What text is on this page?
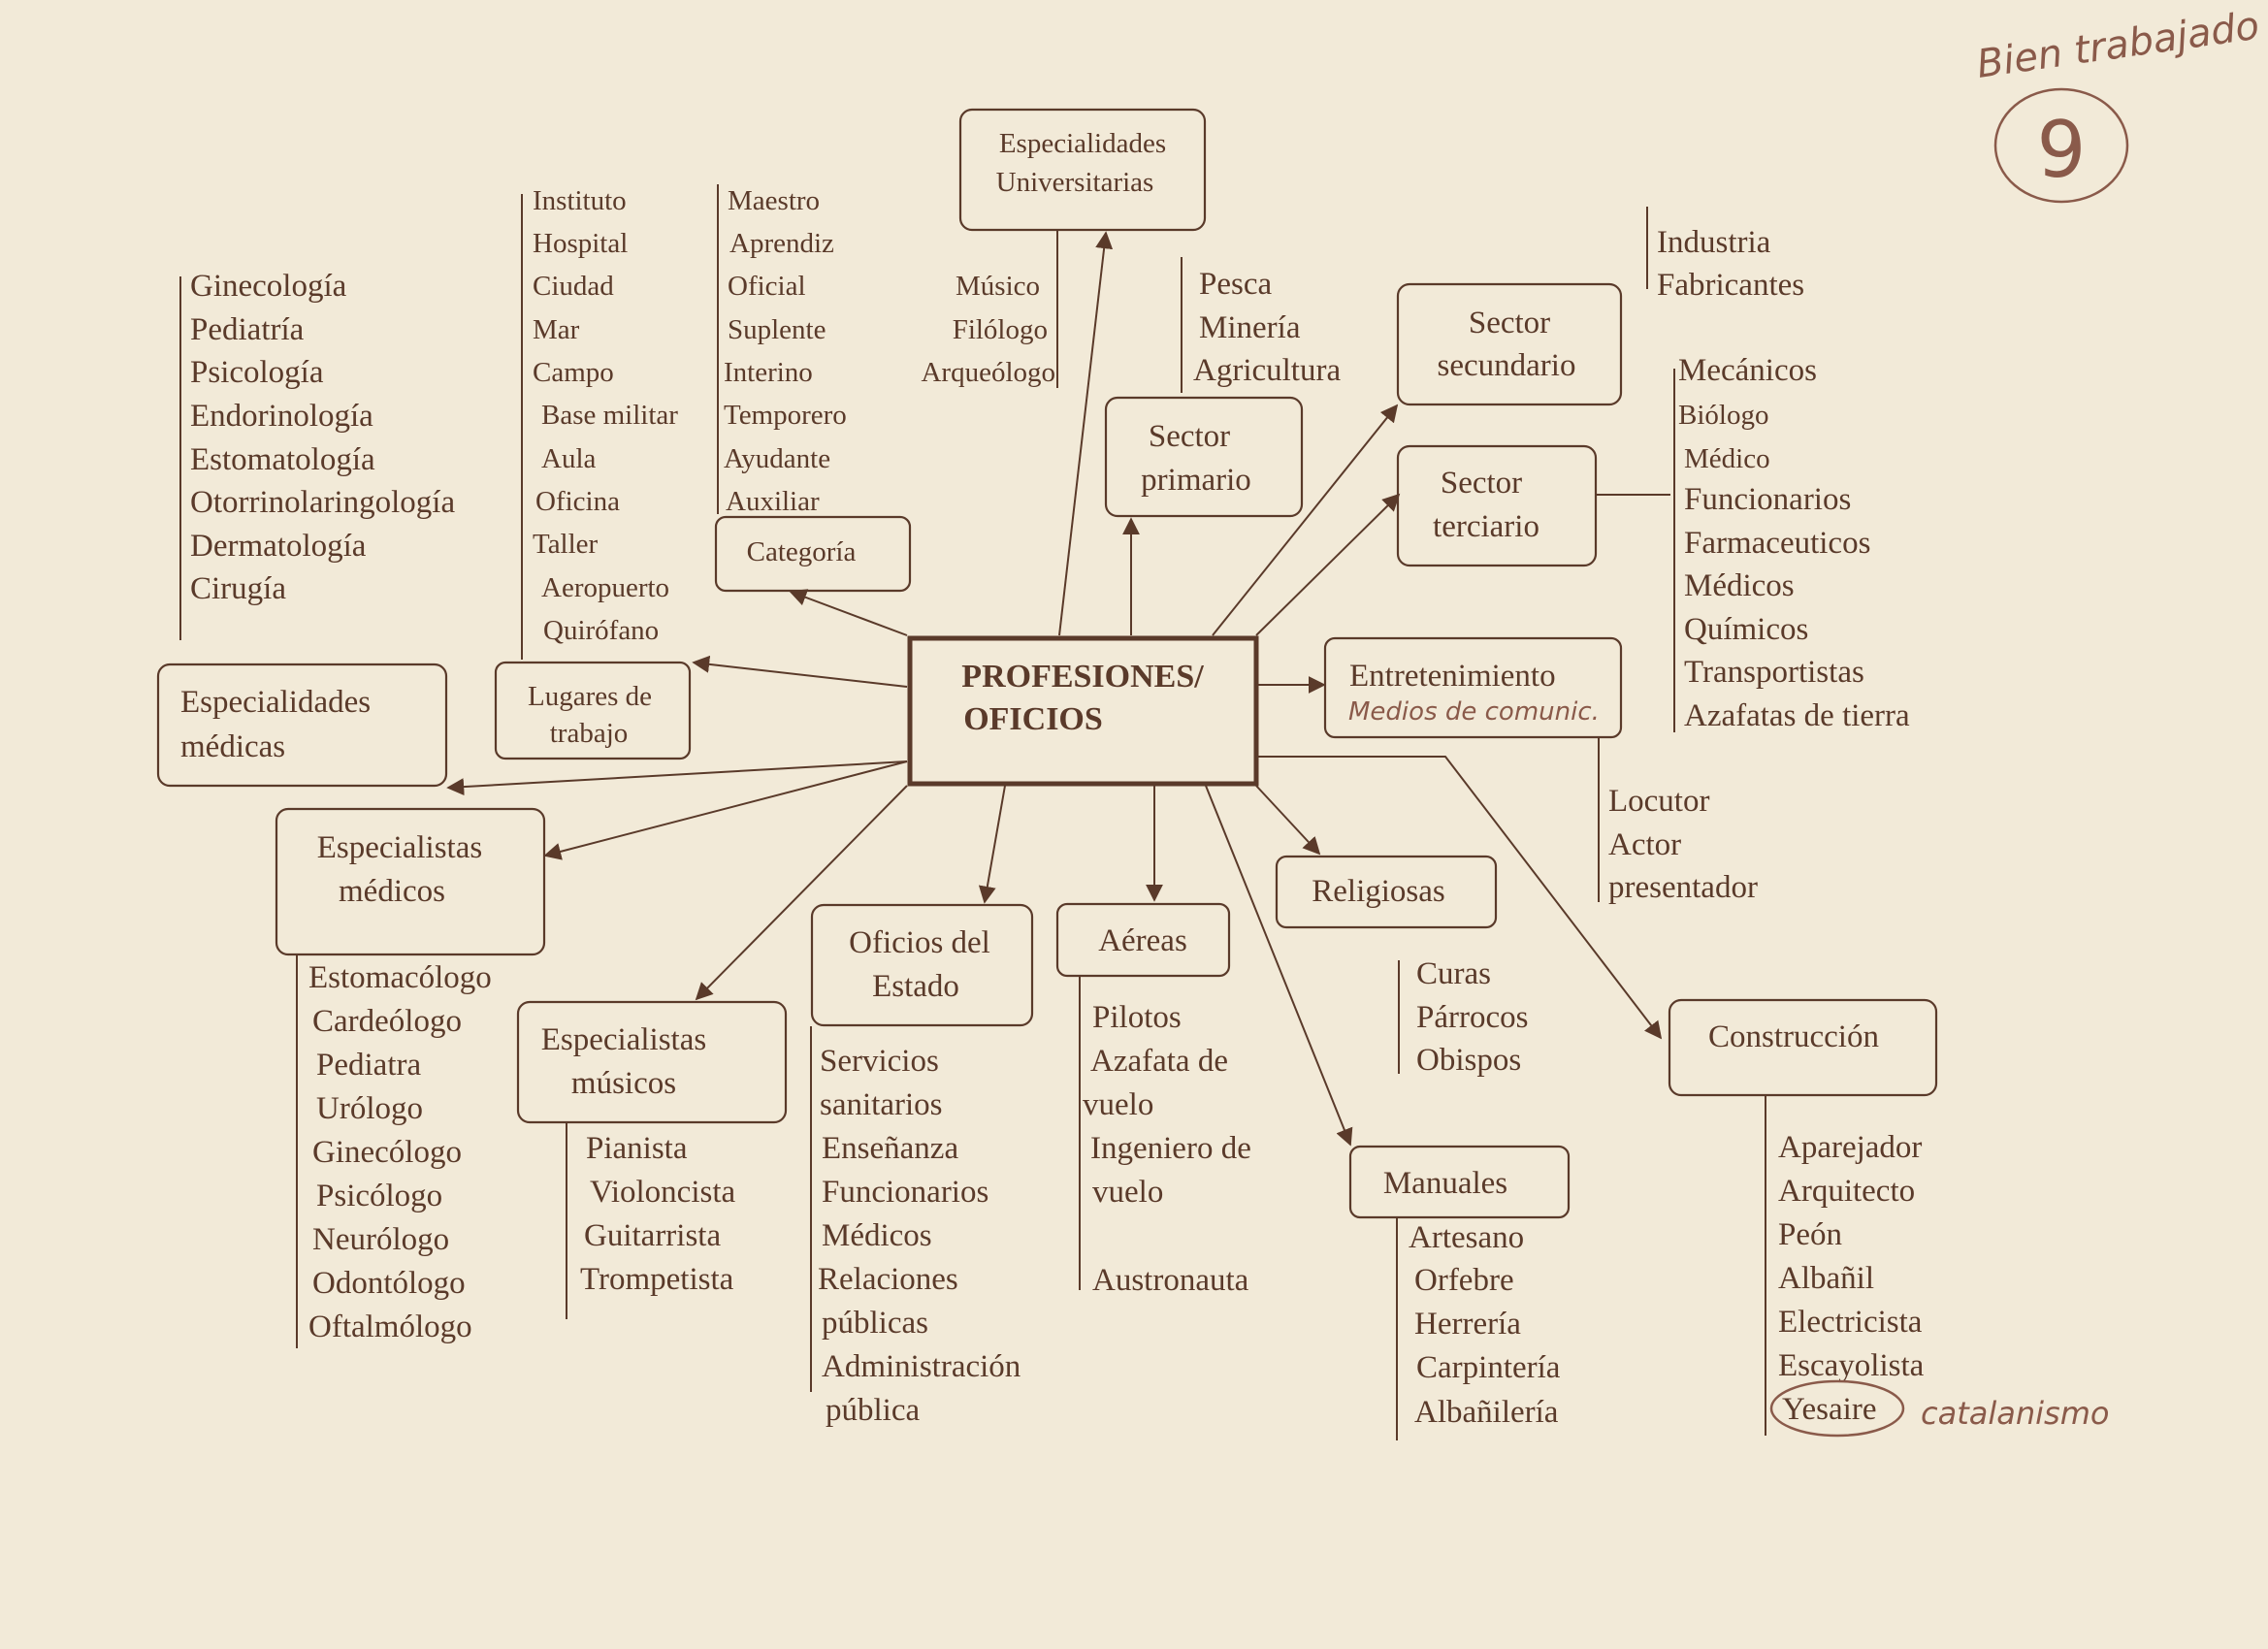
PROFESIONES/
OFICIOS
Especialidades
Universitarias
Sector
primario
Sector
secundario
Sector
terciario
Categoría
Lugares de
trabajo
Especialidades
médicas
Especialistas
médicos
Especialistas
músicos
Oficios del
Estado
Aéreas
Religiosas
Entretenimiento
Manuales
Construcción
Ginecología
Pediatría
Psicología
Endorinología
Estomatología
Otorrinolaringología
Dermatología
Cirugía
Instituto
Hospital
Ciudad
Mar
Campo
Base militar
Aula
Oficina
Taller
Aeropuerto
Quirófano
Maestro
Aprendiz
Oficial
Suplente
Interino
Temporero
Ayudante
Auxiliar
Músico
Filólogo
Arqueólogo
Pesca
Minería
Agricultura
Industria
Fabricantes
Mecánicos
Biólogo
Médico
Funcionarios
Farmaceuticos
Médicos
Químicos
Transportistas
Azafatas de tierra
Locutor
Actor
presentador
Curas
Párrocos
Obispos
Aparejador
Arquitecto
Peón
Albañil
Electricista
Escayolista
Yesaire
Artesano
Orfebre
Herrería
Carpintería
Albañilería
Pilotos
Azafata de
vuelo
Ingeniero de
vuelo
Austronauta
Servicios
sanitarios
Enseñanza
Funcionarios
Médicos
Relaciones
públicas
Administración
pública
Pianista
Violoncista
Guitarrista
Trompetista
Estomacólogo
Cardeólogo
Pediatra
Urólogo
Ginecólogo
Psicólogo
Neurólogo
Odontólogo
Oftalmólogo
Bien trabajado
9
Medios de comunic.
catalanismo
